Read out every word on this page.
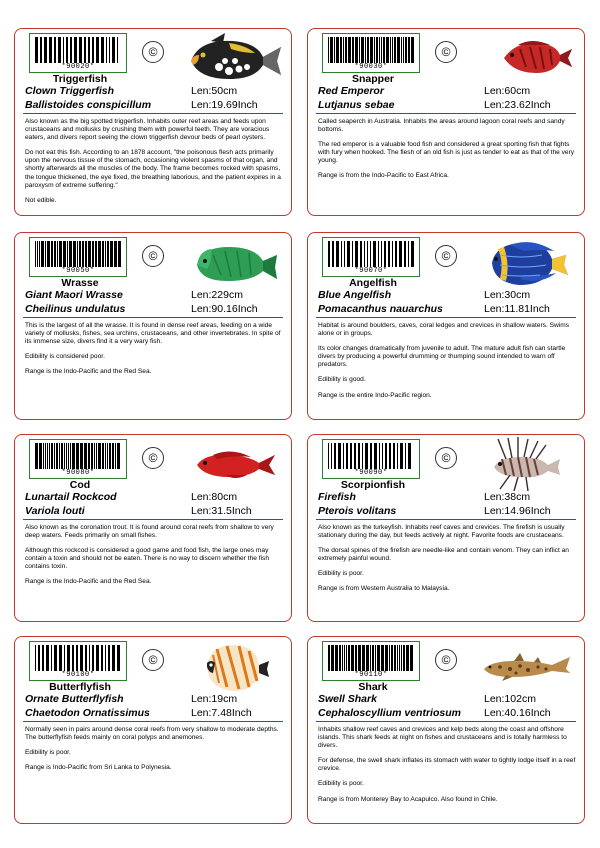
*90020*
©
Triggerfish
Clown Triggerfish
Ballistoides conspicillum
Len:50cm
Len:19.69Inch

Also known as the big spotted triggerfish. Inhabits outer reef areas and feeds upon crustaceans and mollusks by crushing them with powerful teeth. They are voracious eaters, and divers report seeing the clown triggerfish devour beds of pearl oysters.

Do not eat this fish. According to an 1878 account, "the poisonous flesh acts primarily upon the nervous tissue of the stomach, occasioning violent spasms of that organ, and shortly afterwards all the muscles of the body. The frame becomes rocked with spasms, the tongue thickened, the eye fixed, the breathing laborious, and the patient expires in a paroxysm of extreme suffering."

Not edible.

*90030*
©
Snapper
Red Emperor
Lutjanus sebae
Len:60cm
Len:23.62Inch

Called seaperch in Australia. Inhabits the areas around lagoon coral reefs and sandy bottoms.

The red emperor is a valuable food fish and considered a great sporting fish that fights with fury when hooked. The flesh of an old fish is just as tender to eat as that of the very young.

Range is from the Indo-Pacific to East Africa.

*90050*
©
Wrasse
Giant Maori Wrasse
Cheilinus undulatus
Len:229cm
Len:90.16Inch

This is the largest of all the wrasse. It is found in dense reef areas, feeding on a wide variety of mollusks, fishes, sea urchins, crustaceans, and other invertebrates. In spite of its immense size, divers find it a very wary fish.

Edibility is considered poor.

Range is the Indo-Pacific and the Red Sea.

*90070*
©
Angelfish
Blue Angelfish
Pomacanthus nauarchus
Len:30cm
Len:11.81Inch

Habitat is around boulders, caves, coral ledges and crevices in shallow waters. Swims alone or in groups.

Its color changes dramatically from juvenile to adult. The mature adult fish can startle divers by producing a powerful drumming or thumping sound intended to warn off predators.

Edibility is good.

Range is the entire Indo-Pacific region.

*90080*
©
Cod
Lunartail Rockcod
Variola louti
Len:80cm
Len:31.5Inch

Also known as the coronation trout. It is found around coral reefs from shallow to very deep waters. Feeds primarily on small fishes.

Although this rockcod is considered a good game and food fish, the large ones may contain a toxin and should not be eaten. There is no way to discern whether the fish contains toxin.

Range is the Indo-Pacific and the Red Sea.

*90090*
©
Scorpionfish
Firefish
Pterois volitans
Len:38cm
Len:14.96Inch

Also known as the turkeyfish. Inhabits reef caves and crevices. The firefish is usually stationary during the day, but feeds actively at night. Favorite foods are crustaceans.

The dorsal spines of the firefish are needle-like and contain venom. They can inflict an extremely painful wound.

Edibility is poor.

Range is from Western Australia to Malaysia.

*90100*
©
Butterflyfish
Ornate Butterflyfish
Chaetodon Ornatissimus
Len:19cm
Len:7.48Inch

Normally seen in pairs around dense coral reefs from very shallow to moderate depths. The butterflyfish feeds mainly on coral polyps and anemones.

Edibility is poor.

Range is Indo-Pacific from Sri Lanka to Polynesia.

*90110*
©
Shark
Swell Shark
Cephaloscyllium ventriosum
Len:102cm
Len:40.16Inch

Inhabits shallow reef caves and crevices and kelp beds along the coast and offshore islands. This shark feeds at night on fishes and crustaceans and is totally harmless to divers.

For defense, the swell shark inflates its stomach with water to tightly lodge itself in a reef crevice.

Edibility is poor.

Range is from Monterey Bay to Acapulco. Also found in Chile.
